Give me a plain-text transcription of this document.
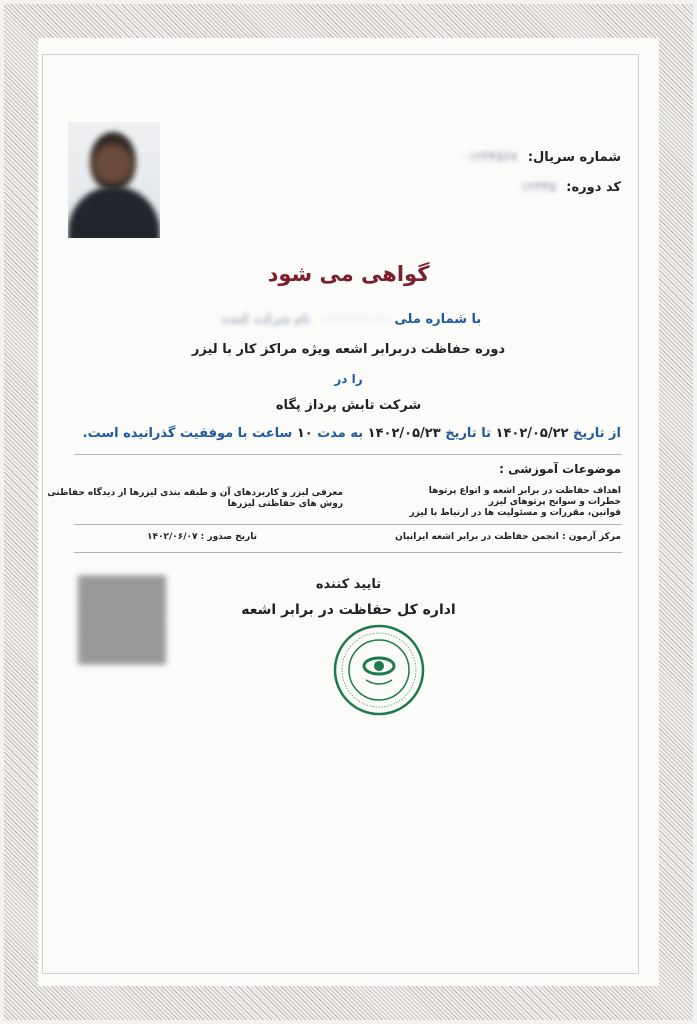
شماره سریال: ۰۱۲۳۴۵۶۷
کد دوره: ۱۲۳۴۵
گواهی می شود
با شماره ملی ۰۰۰۰۰۰۰۰۰۰ نام شرکت کننده
دوره حفاظت دربرابر اشعه ویژه مراکز کار با لیزر
را در
شرکت تابش پرداز پگاه
از تاریخ ۱۴۰۲/۰۵/۲۲ تا تاریخ ۱۴۰۲/۰۵/۲۳ به مدت ۱۰ ساعت با موفقیت گذرانیده است.
موضوعات آموزشی :
اهداف حفاظت در برابر اشعه و انواع پرتوها
خطرات و سوانح پرتوهای لیزر
قوانین، مقررات و مسئولیت ها در ارتباط با لیزر
معرفی لیزر و کاربردهای آن و طبقه بندی لیزرها از دیدگاه حفاظتی
روش های حفاظتی لیزرها
مرکز آزمون : انجمن حفاظت در برابر اشعه ایرانیان
تاریخ صدور : ۱۴۰۲/۰۶/۰۷
تایید کننده
اداره کل حفاظت در برابر اشعه
